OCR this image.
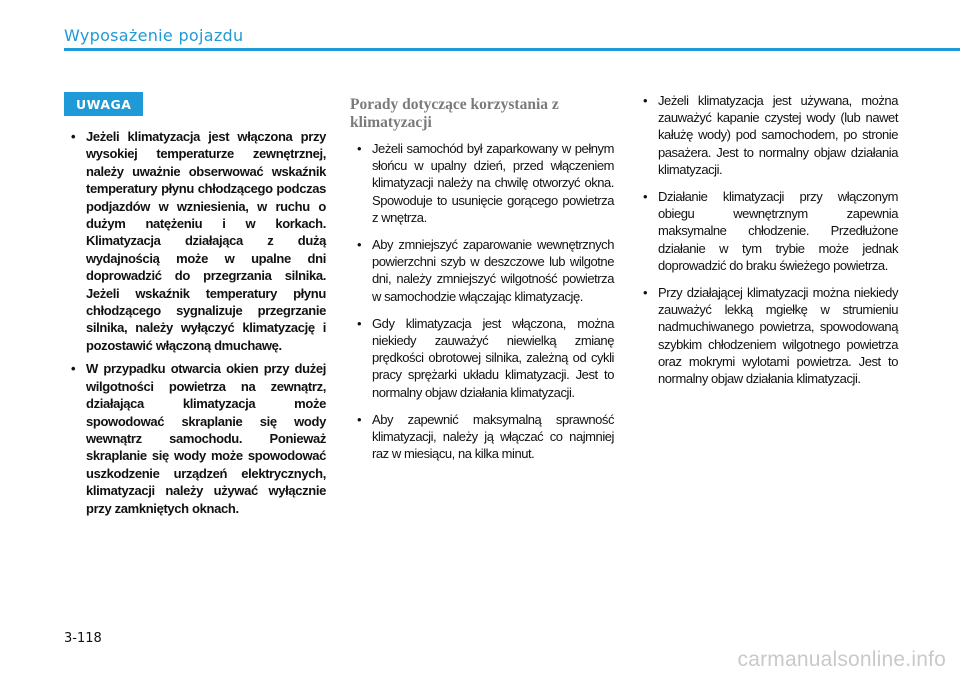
Wyposażenie pojazdu
UWAGA
• Jeżeli klimatyzacja jest włączona przy wysokiej temperaturze zewnętrznej, należy uważnie obserwować wskaźnik temperatury płynu chłodzącego podczas podjazdów w wzniesienia, w ruchu o dużym natężeniu i w korkach. Klimatyzacja działająca z dużą wydajnością może w upalne dni doprowadzić do przegrzania silnika. Jeżeli wskaźnik temperatury płynu chłodzącego sygnalizuje przegrzanie silnika, należy wyłączyć klimatyzację i pozostawić włączoną dmuchawę.
• W przypadku otwarcia okien przy dużej wilgotności powietrza na zewnątrz, działająca klimatyzacja może spowodować skraplanie się wody wewnątrz samochodu. Ponieważ skraplanie się wody może spowodować uszkodzenie urządzeń elektrycznych, klimatyzacji należy używać wyłącznie przy zamkniętych oknach.
Porady dotyczące korzystania z klimatyzacji
• Jeżeli samochód był zaparkowany w pełnym słońcu w upalny dzień, przed włączeniem klimatyzacji należy na chwilę otworzyć okna. Spowoduje to usunięcie gorącego powietrza z wnętrza.
• Aby zmniejszyć zaparowanie wewnętrznych powierzchni szyb w deszczowe lub wilgotne dni, należy zmniejszyć wilgotność powietrza w samochodzie włączając klimatyzację.
• Gdy klimatyzacja jest włączona, można niekiedy zauważyć niewielką zmianę prędkości obrotowej silnika, zależną od cykli pracy sprężarki układu klimatyzacji. Jest to normalny objaw działania klimatyzacji.
• Aby zapewnić maksymalną sprawność klimatyzacji, należy ją włączać co najmniej raz w miesiącu, na kilka minut.
• Jeżeli klimatyzacja jest używana, można zauważyć kapanie czystej wody (lub nawet kałużę wody) pod samochodem, po stronie pasażera. Jest to normalny objaw działania klimatyzacji.
• Działanie klimatyzacji przy włączonym obiegu wewnętrznym zapewnia maksymalne chłodzenie. Przedłużone działanie w tym trybie może jednak doprowadzić do braku świeżego powietrza.
• Przy działającej klimatyzacji można niekiedy zauważyć lekką mgiełkę w strumieniu nadmuchiwanego powietrza, spowodowaną szybkim chłodzeniem wilgotnego powietrza oraz mokrymi wylotami powietrza. Jest to normalny objaw działania klimatyzacji.
3-118
carmanualsonline.info
